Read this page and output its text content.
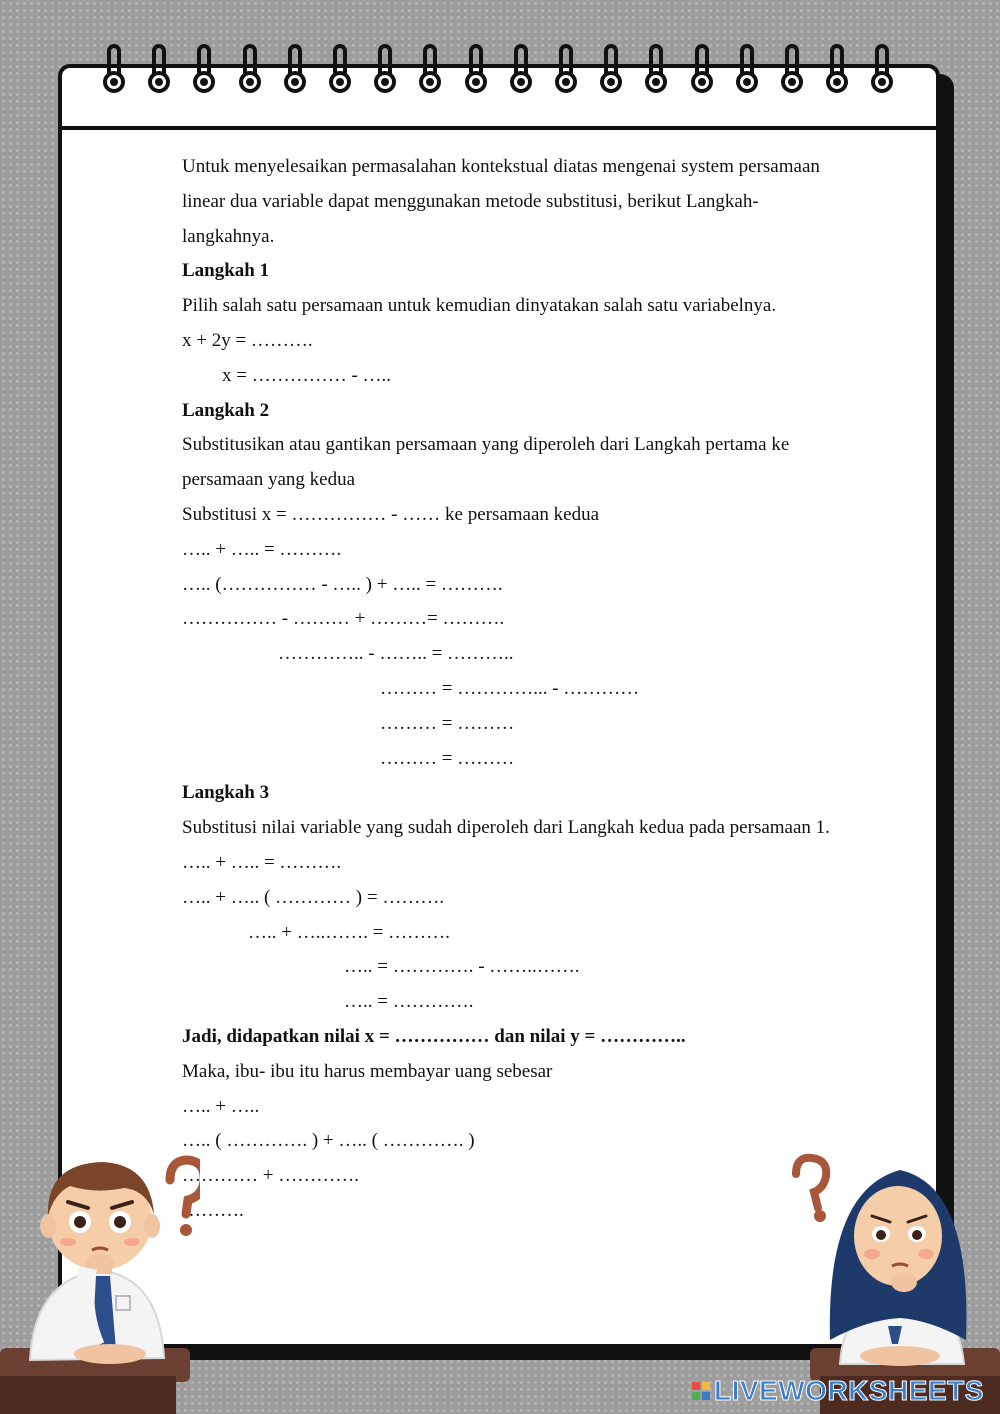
Untuk menyelesaikan permasalahan kontekstual diatas mengenai system persamaan
linear dua variable dapat menggunakan metode substitusi, berikut Langkah-
langkahnya.
Langkah 1
Pilih salah satu persamaan untuk kemudian dinyatakan salah satu variabelnya.
x + 2y = ……….
x = …………… - …..
Langkah 2
Substitusikan atau gantikan persamaan yang diperoleh dari Langkah pertama ke
persamaan yang kedua
Substitusi x = …………… - …… ke persamaan kedua
….. + ….. = ……….
….. (…………… - ….. ) + ….. = ……….
…………… - ……… + ………= ……….
………….. - …….. = ………..
……… = …………... - …………
……… = ………
……… = ………
Langkah 3
Substitusi nilai variable yang sudah diperoleh dari Langkah kedua pada persamaan 1.
….. + ….. = ……….
….. + ….. ( ………… ) = ……….
….. + …..……. = ……….
….. = …………. - ……..…….
….. = ………….
Jadi, didapatkan nilai x = …………… dan nilai y = …………..
Maka, ibu- ibu itu harus membayar uang sebesar
….. + …..
….. ( …………. ) + ….. ( …………. )
………… + ………….
……….
LIVEWORKSHEETS
